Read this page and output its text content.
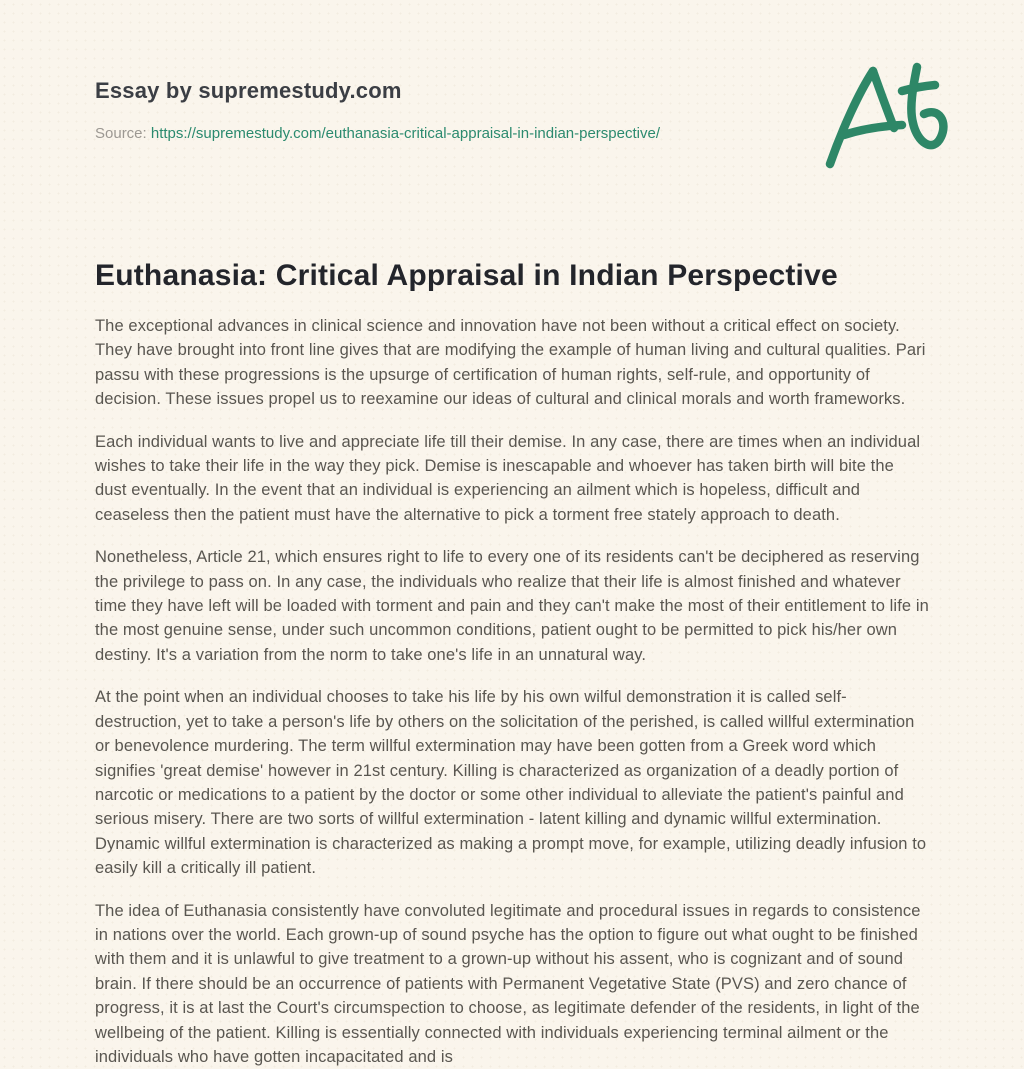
Essay by supremestudy.com
Source: https://supremestudy.com/euthanasia-critical-appraisal-in-indian-perspective/
Euthanasia: Critical Appraisal in Indian Perspective

The exceptional advances in clinical science and innovation have not been without a critical effect on society. They have brought into front line gives that are modifying the example of human living and cultural qualities. Pari passu with these progressions is the upsurge of certification of human rights, self-rule, and opportunity of decision. These issues propel us to reexamine our ideas of cultural and clinical morals and worth frameworks.

Each individual wants to live and appreciate life till their demise. In any case, there are times when an individual wishes to take their life in the way they pick. Demise is inescapable and whoever has taken birth will bite the dust eventually. In the event that an individual is experiencing an ailment which is hopeless, difficult and ceaseless then the patient must have the alternative to pick a torment free stately approach to death.

Nonetheless, Article 21, which ensures right to life to every one of its residents can't be deciphered as reserving the privilege to pass on. In any case, the individuals who realize that their life is almost finished and whatever time they have left will be loaded with torment and pain and they can't make the most of their entitlement to life in the most genuine sense, under such uncommon conditions, patient ought to be permitted to pick his/her own destiny. It's a variation from the norm to take one's life in an unnatural way.

At the point when an individual chooses to take his life by his own wilful demonstration it is called self-destruction, yet to take a person's life by others on the solicitation of the perished, is called willful extermination or benevolence murdering. The term willful extermination may have been gotten from a Greek word which signifies 'great demise' however in 21st century. Killing is characterized as organization of a deadly portion of narcotic or medications to a patient by the doctor or some other individual to alleviate the patient's painful and serious misery. There are two sorts of willful extermination - latent killing and dynamic willful extermination. Dynamic willful extermination is characterized as making a prompt move, for example, utilizing deadly infusion to easily kill a critically ill patient.

The idea of Euthanasia consistently have convoluted legitimate and procedural issues in regards to consistence in nations over the world. Each grown-up of sound psyche has the option to figure out what ought to be finished with them and it is unlawful to give treatment to a grown-up without his assent, who is cognizant and of sound brain. If there should be an occurrence of patients with Permanent Vegetative State (PVS) and zero chance of progress, it is at last the Court's circumspection to choose, as legitimate defender of the residents, in light of the wellbeing of the patient. Killing is essentially connected with individuals experiencing terminal ailment or the individuals who have gotten incapacitated and is
